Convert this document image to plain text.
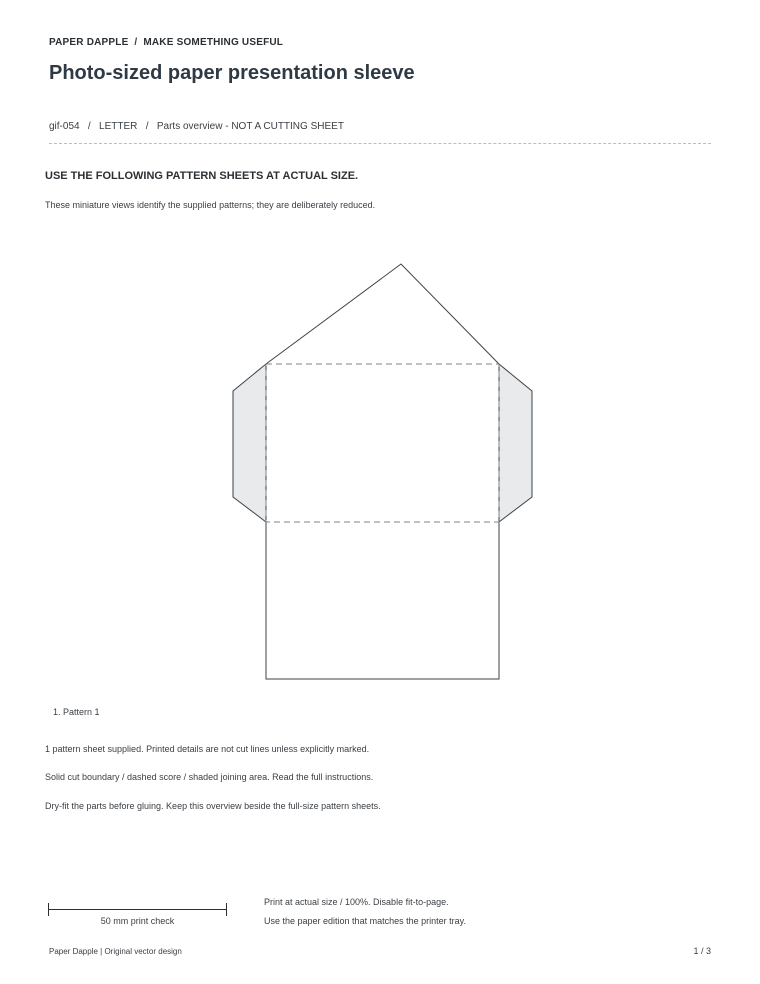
PAPER DAPPLE  /  MAKE SOMETHING USEFUL
Photo-sized paper presentation sleeve
gif-054   /   LETTER   /   Parts overview - NOT A CUTTING SHEET
USE THE FOLLOWING PATTERN SHEETS AT ACTUAL SIZE.
These miniature views identify the supplied patterns; they are deliberately reduced.
1. Pattern 1
1 pattern sheet supplied. Printed details are not cut lines unless explicitly marked.
Solid cut boundary / dashed score / shaded joining area. Read the full instructions.
Dry-fit the parts before gluing. Keep this overview beside the full-size pattern sheets.
50 mm print check
Print at actual size / 100%. Disable fit-to-page.
Use the paper edition that matches the printer tray.
Paper Dapple | Original vector design	1 / 3
